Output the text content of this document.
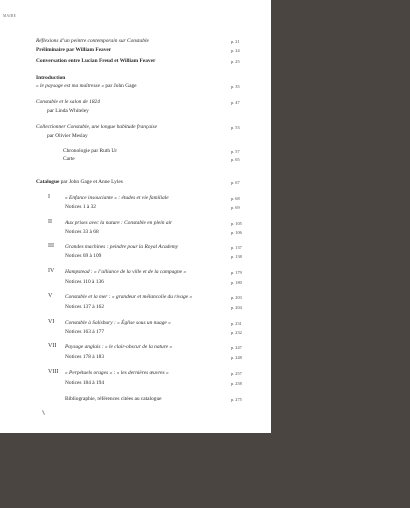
MAIRE
Réflexions d’un peintre contemporain sur Constable	p. 21
Préliminaire par William Feaver	p. 24
Conversation entre Lucian Freud et William Feaver	p. 25
Introduction
« le paysage est ma maîtresse » par John Gage	p. 35
Constable et le salon de 1824	p. 47
par Linda Whiteley
Collectionner Constable, une longue habitude française	p. 53
par Olivier Meslay
Chronologie par Ruth Ur	p. 57
Carte	p. 65
Catalogue par John Gage et Anne Lyles	p. 67
I	« Enfance insouciante » : études et vie familiale	p. 68
Notices 1 à 32	p. 69
II Aux prises avec la nature : Constable en plein air	p. 105
Notices 33 à 68	p. 106
III Grandes machines : peindre pour la Royal Academy	p. 137
Notices 69 à 109	p. 138
IV Hampstead : « l’alliance de la ville et de la campagne »	p. 179
Notices 110 à 136	p. 180
V Constable et la mer : « grandeur et mélancolie du rivage »	p. 203
Notices 137 à 162	p. 204
VI Constable à Salisbury : « Église sous un nuage »	p. 231
Notices 163 à 177	p. 232
VII Paysage anglais : « le clair-obscur de la nature »	p. 247
Notices 178 à 183	p. 248
VIII « Perpétuels orages » : « les dernières œuvres »	p. 257
Notices 184 à 194	p. 258
Bibliographie, références citées au catalogue	p. 275
